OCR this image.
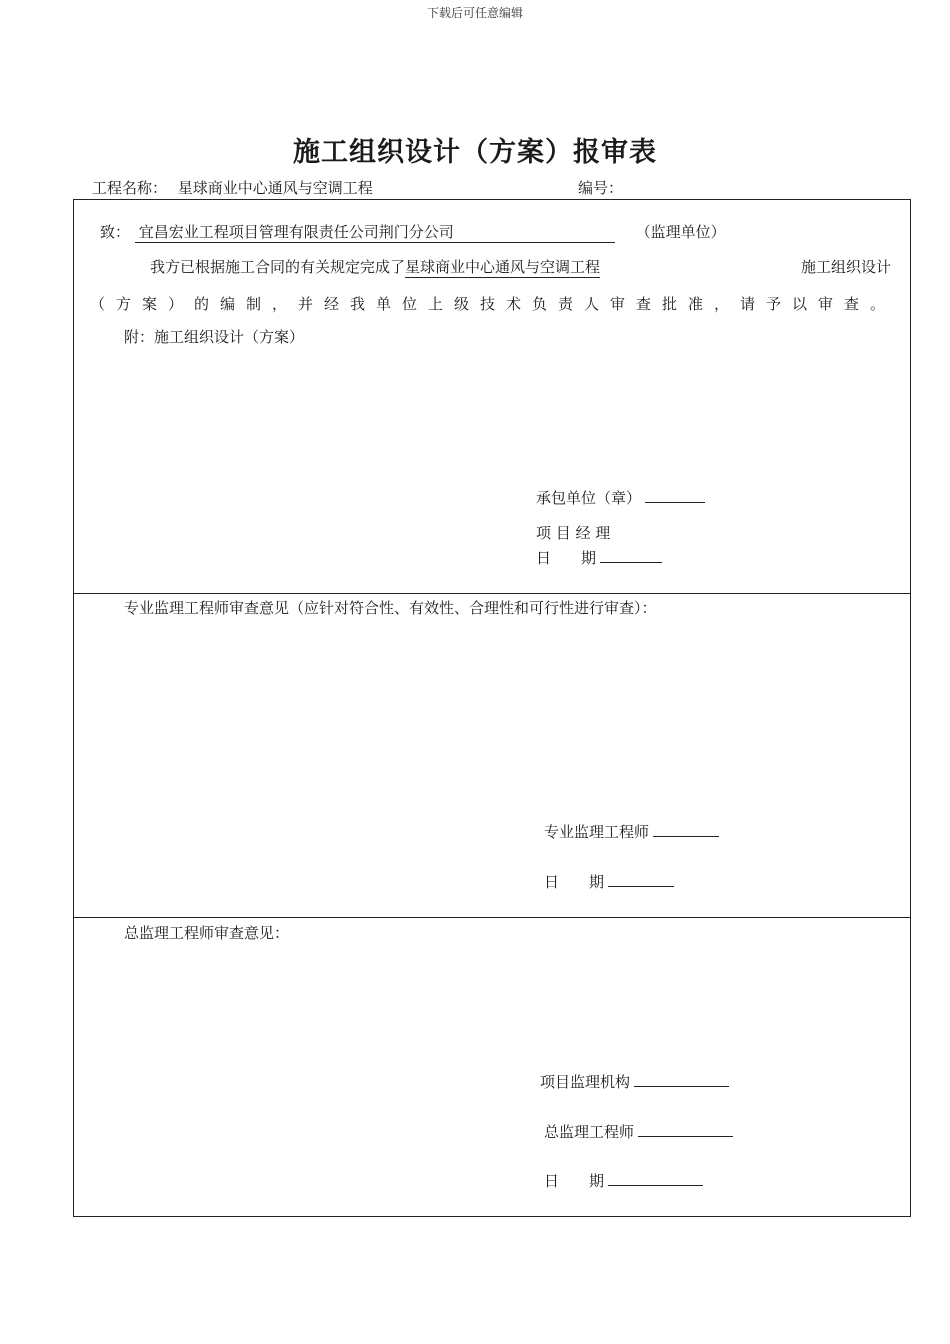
下载后可任意编辑
施工组织设计（方案）报审表
工程名称： 星球商业中心通风与空调工程	编号：
致： 宜昌宏业工程项目管理有限责任公司荆门分公司	（监理单位）
我方已根据施工合同的有关规定完成了星球商业中心通风与空调工程	施工组织设计
（方案）的编制，并经我单位上级技术负责人审查批准，请予以审查。
附：施工组织设计（方案）
承包单位（章）
项 目 经 理
日　　期
专业监理工程师审查意见（应针对符合性、有效性、合理性和可行性进行审查）：
专业监理工程师
日　　期
总监理工程师审查意见：
项目监理机构
总监理工程师
日　　期
